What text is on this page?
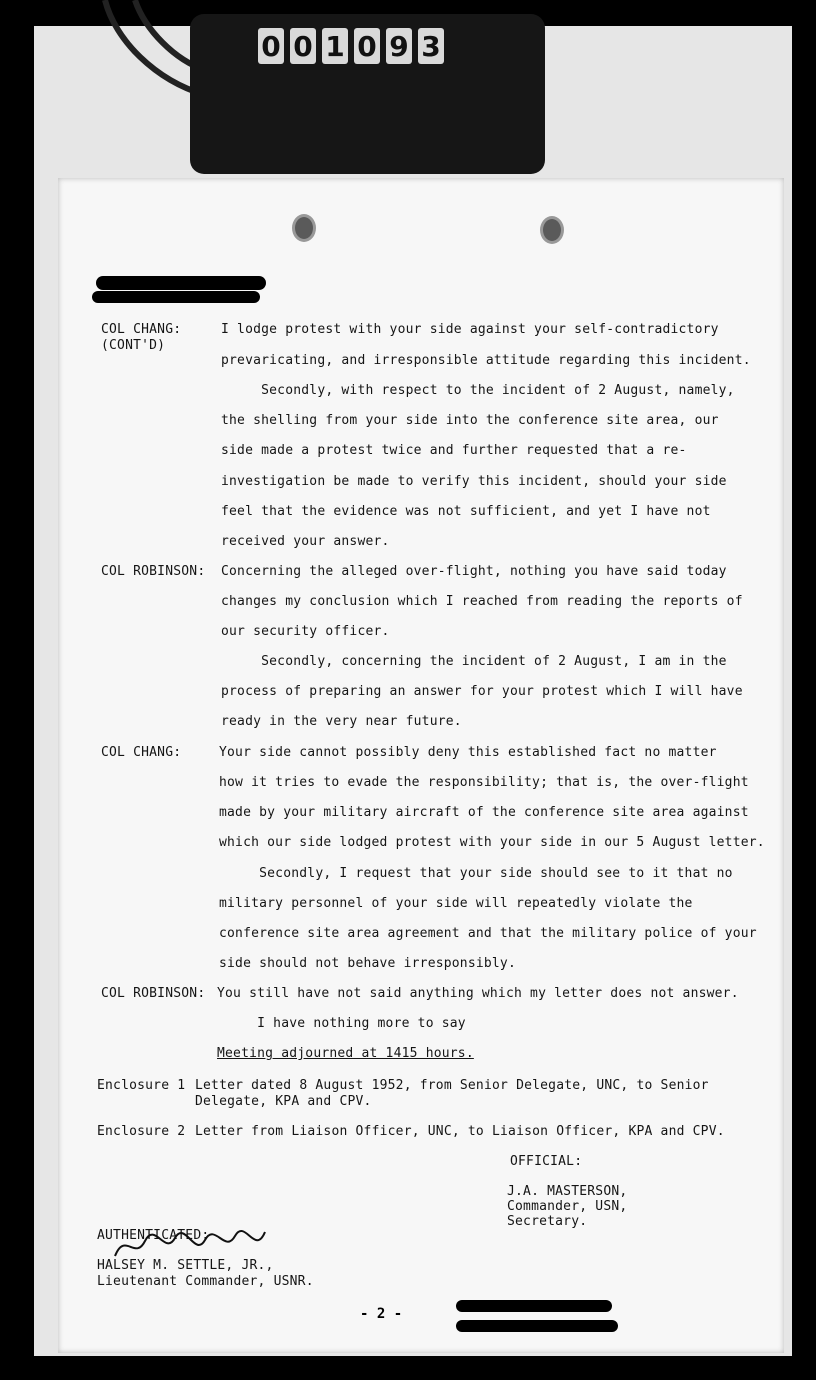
0 0 1 0 9 3
COL CHANG:	I lodge protest with your side against your self-contradictory
(CONT'D)
prevaricating, and irresponsible attitude regarding this incident.
Secondly, with respect to the incident of 2 August, namely,
the shelling from your side into the conference site area, our
side made a protest twice and further requested that a re-
investigation be made to verify this incident, should your side
feel that the evidence was not sufficient, and yet I have not
received your answer.
COL ROBINSON: Concerning the alleged over-flight, nothing you have said today
changes my conclusion which I reached from reading the reports of
our security officer.
Secondly, concerning the incident of 2 August, I am in the
process of preparing an answer for your protest which I will have
ready in the very near future.
COL CHANG:	Your side cannot possibly deny this established fact no matter
how it tries to evade the responsibility; that is, the over-flight
made by your military aircraft of the conference site area against
which our side lodged protest with your side in our 5 August letter.
Secondly, I request that your side should see to it that no
military personnel of your side will repeatedly violate the
conference site area agreement and that the military police of your
side should not behave irresponsibly.
COL ROBINSON: You still have not said anything which my letter does not answer.
I have nothing more to say
Meeting adjourned at 1415 hours.
Enclosure 1 Letter dated 8 August 1952, from Senior Delegate, UNC, to Senior
Delegate, KPA and CPV.
Enclosure 2 Letter from Liaison Officer, UNC, to Liaison Officer, KPA and CPV.
OFFICIAL:
J.A. MASTERSON,
Commander, USN,
Secretary.
AUTHENTICATED:
HALSEY M. SETTLE, JR.,
Lieutenant Commander, USNR.
- 2 -
